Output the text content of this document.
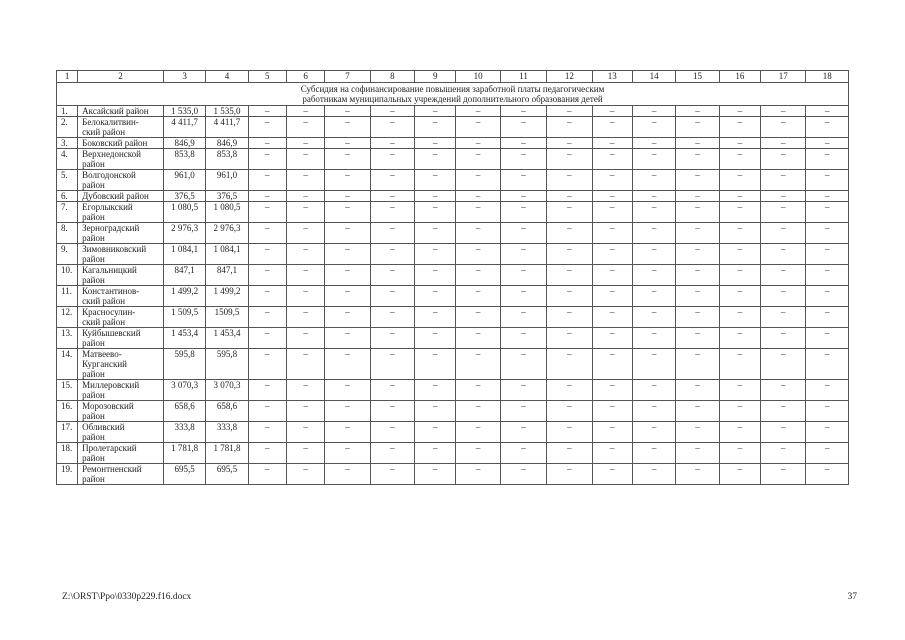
1	2	3	4	5	6	7	8	9	10	11	12	13	14	15	16	17	18

Субсидия на софинансирование повышения заработной платы педагогическим
работникам муниципальных учреждений дополнительного образования детей																	

1.	Аксайский район	1 535,0	1 535,0	–	–	–	–	–	–	–	–	–	–	–	–	–	–
2.	Белокалитвин-
ский район	4 411,7	4 411,7	–	–	–	–	–	–	–	–	–	–	–	–	–	–
3.	Боковский район	846,9	846,9	–	–	–	–	–	–	–	–	–	–	–	–	–	–
4.	Верхнедонской
район	853,8	853,8	–	–	–	–	–	–	–	–	–	–	–	–	–	–
5.	Волгодонской
район	961,0	961,0	–	–	–	–	–	–	–	–	–	–	–	–	–	–
6.	Дубовский район	376,5	376,5	–	–	–	–	–	–	–	–	–	–	–	–	–	–
7.	Егорлыкский
район	1 080,5	1 080,5	–	–	–	–	–	–	–	–	–	–	–	–	–	–
8.	Зерноградский
район	2 976,3	2 976,3	–	–	–	–	–	–	–	–	–	–	–	–	–	–
9.	Зимовниковский
район	1 084,1	1 084,1	–	–	–	–	–	–	–	–	–	–	–	–	–	–
10.	Кагальницкий
район	847,1	847,1	–	–	–	–	–	–	–	–	–	–	–	–	–	–
11.	Константинов-
ский район	1 499,2	1 499,2	–	–	–	–	–	–	–	–	–	–	–	–	–	–
12.	Красносулин-
ский район	1 509,5	1509,5	–	–	–	–	–	–	–	–	–	–	–	–	–	–
13.	Куйбышевский
район	1 453,4	1 453,4	–	–	–	–	–	–	–	–	–	–	–	–	–	–
14.	Матвеево-
Курганский
район	595,8	595,8	–	–	–	–	–	–	–	–	–	–	–	–	–	–
15.	Миллеровский
район	3 070,3	3 070,3	–	–	–	–	–	–	–	–	–	–	–	–	–	–
16.	Морозовский
район	658,6	658,6	–	–	–	–	–	–	–	–	–	–	–	–	–	–
17.	Обливский
район	333,8	333,8	–	–	–	–	–	–	–	–	–	–	–	–	–	–
18.	Пролетарский
район	1 781,8	1 781,8	–	–	–	–	–	–	–	–	–	–	–	–	–	–
19.	Ремонтненский
район	695,5	695,5	–	–	–	–	–	–	–	–	–	–	–	–	–	–
Z:\ORST\Ppo\0330p229.f16.docx	37
